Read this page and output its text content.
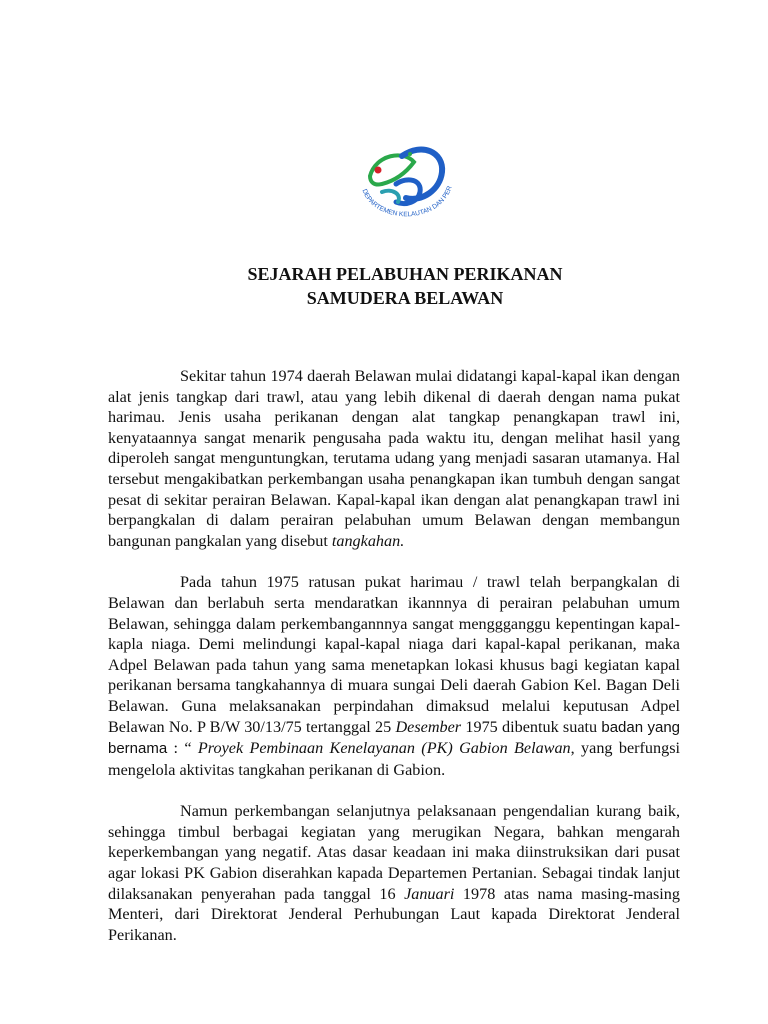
DEPARTEMEN KELAUTAN DAN PER
SEJARAH PELABUHAN PERIKANAN
SAMUDERA BELAWAN

Sekitar tahun 1974 daerah Belawan mulai didatangi kapal-kapal ikan dengan alat jenis tangkap dari trawl, atau yang lebih dikenal di daerah dengan nama pukat harimau. Jenis usaha perikanan dengan alat tangkap penangkapan trawl ini, kenyataannya sangat menarik pengusaha pada waktu itu, dengan melihat hasil yang diperoleh sangat menguntungkan, terutama udang yang menjadi sasaran utamanya. Hal tersebut mengakibatkan perkembangan usaha penangkapan ikan tumbuh dengan sangat pesat di sekitar perairan Belawan. Kapal-kapal ikan dengan alat penangkapan trawl ini berpangkalan di dalam perairan pelabuhan umum Belawan dengan membangun bangunan pangkalan yang disebut tangkahan.

Pada tahun 1975 ratusan pukat harimau / trawl telah berpangkalan di Belawan dan berlabuh serta mendaratkan ikannnya di perairan pelabuhan umum Belawan, sehingga dalam perkembangannnya sangat menggganggu kepentingan kapal-kapla niaga. Demi melindungi kapal-kapal niaga dari kapal-kapal perikanan, maka Adpel Belawan pada tahun yang sama menetapkan lokasi khusus bagi kegiatan kapal perikanan bersama tangkahannya di muara sungai Deli daerah Gabion Kel. Bagan Deli Belawan. Guna melaksanakan perpindahan dimaksud melalui keputusan Adpel Belawan No. P B/W 30/13/75 tertanggal 25 Desember 1975 dibentuk suatu badan yang bernama : “ Proyek Pembinaan Kenelayanan (PK) Gabion Belawan, yang berfungsi mengelola aktivitas tangkahan perikanan di Gabion.

Namun perkembangan selanjutnya pelaksanaan pengendalian kurang baik, sehingga timbul berbagai kegiatan yang merugikan Negara, bahkan mengarah keperkembangan yang negatif. Atas dasar keadaan ini maka diinstruksikan dari pusat agar lokasi PK Gabion diserahkan kapada Departemen Pertanian. Sebagai tindak lanjut dilaksanakan penyerahan pada tanggal 16 Januari 1978 atas nama masing-masing Menteri, dari Direktorat Jenderal Perhubungan Laut kapada Direktorat Jenderal Perikanan.
